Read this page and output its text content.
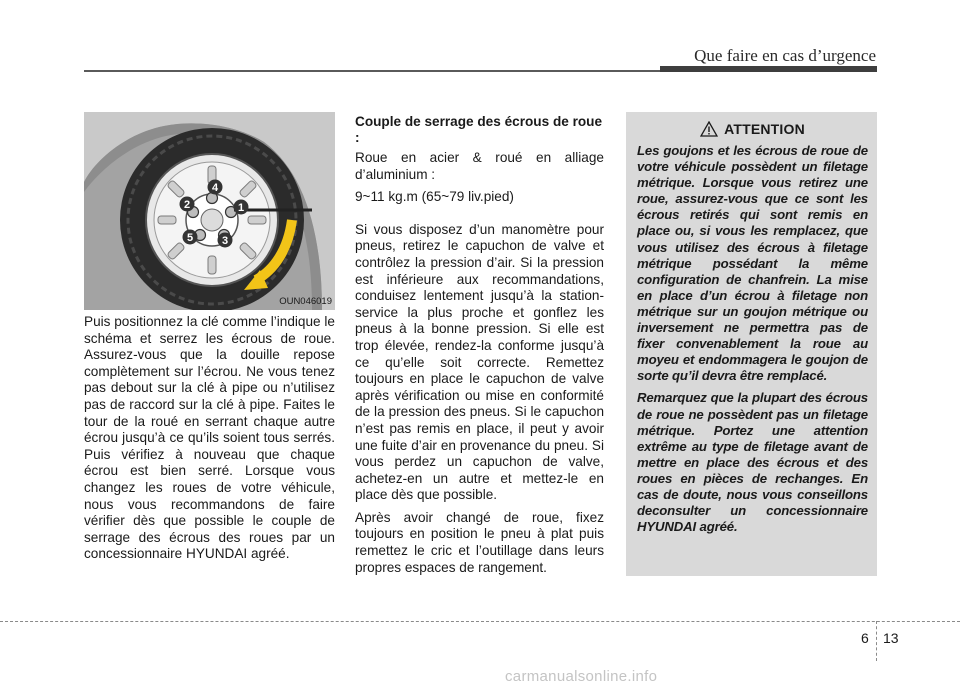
Que faire en cas d’urgence
4
1
2
5	3
OUN046019

Puis positionnez la clé comme l’indique le schéma et serrez les écrous de roue. Assurez-vous que la douille repose complètement sur l’écrou. Ne vous tenez pas debout sur la clé à pipe ou n’utilisez pas de raccord sur la clé à pipe. Faites le tour de la roué en serrant chaque autre écrou jusqu’à ce qu’ils soient tous serrés. Puis vérifiez à nouveau que chaque écrou est bien serré. Lorsque vous changez les roues de votre véhicule, nous vous recommandons de faire vérifier dès que possible le couple de serrage des écrous des roues par un concessionnaire HYUNDAI agréé.

Couple de serrage des écrous de roue :

Roue en acier & roué en alliage d’aluminium :

9~11 kg.m (65~79 liv.pied)

Si vous disposez d’un manomètre pour pneus, retirez le capuchon de valve et contrôlez la pression d’air. Si la pression est inférieure aux recommandations, conduisez lentement jusqu’à la station-service la plus proche et gonflez les pneus à la bonne pression. Si elle est trop élevée, rendez-la conforme jusqu’à ce qu’elle soit correcte. Remettez toujours en place le capuchon de valve après vérification ou mise en conformité de la pression des pneus. Si le capuchon n’est pas remis en place, il peut y avoir une fuite d’air en provenance du pneu. Si vous perdez un capuchon de valve, achetez-en un autre et mettez-le en place dès que possible.

Après avoir changé de roue, fixez toujours en position le pneu à plat puis remettez le cric et l’outillage dans leurs propres espaces de rangement.

ATTENTION

Les goujons et les écrous de roue de votre véhicule possèdent un filetage métrique. Lorsque vous retirez une roue, assurez-vous que ce sont les écrous retirés qui sont remis en place ou, si vous les remplacez, que vous utilisez des écrous à filetage métrique possédant la même configuration de chanfrein. La mise en place d’un écrou à filetage non métrique sur un goujon métrique ou inversement ne permettra pas de fixer convenablement la roue au moyeu et endommagera le goujon de sorte qu’il devra être remplacé.

Remarquez que la plupart des écrous de roue ne possèdent pas un filetage métrique. Portez une attention extrême au type de filetage avant de mettre en place des écrous et des roues en pièces de rechanges. En cas de doute, nous vous conseillons deconsulter un concessionnaire HYUNDAI agréé.

6 13
carmanualsonline.info
